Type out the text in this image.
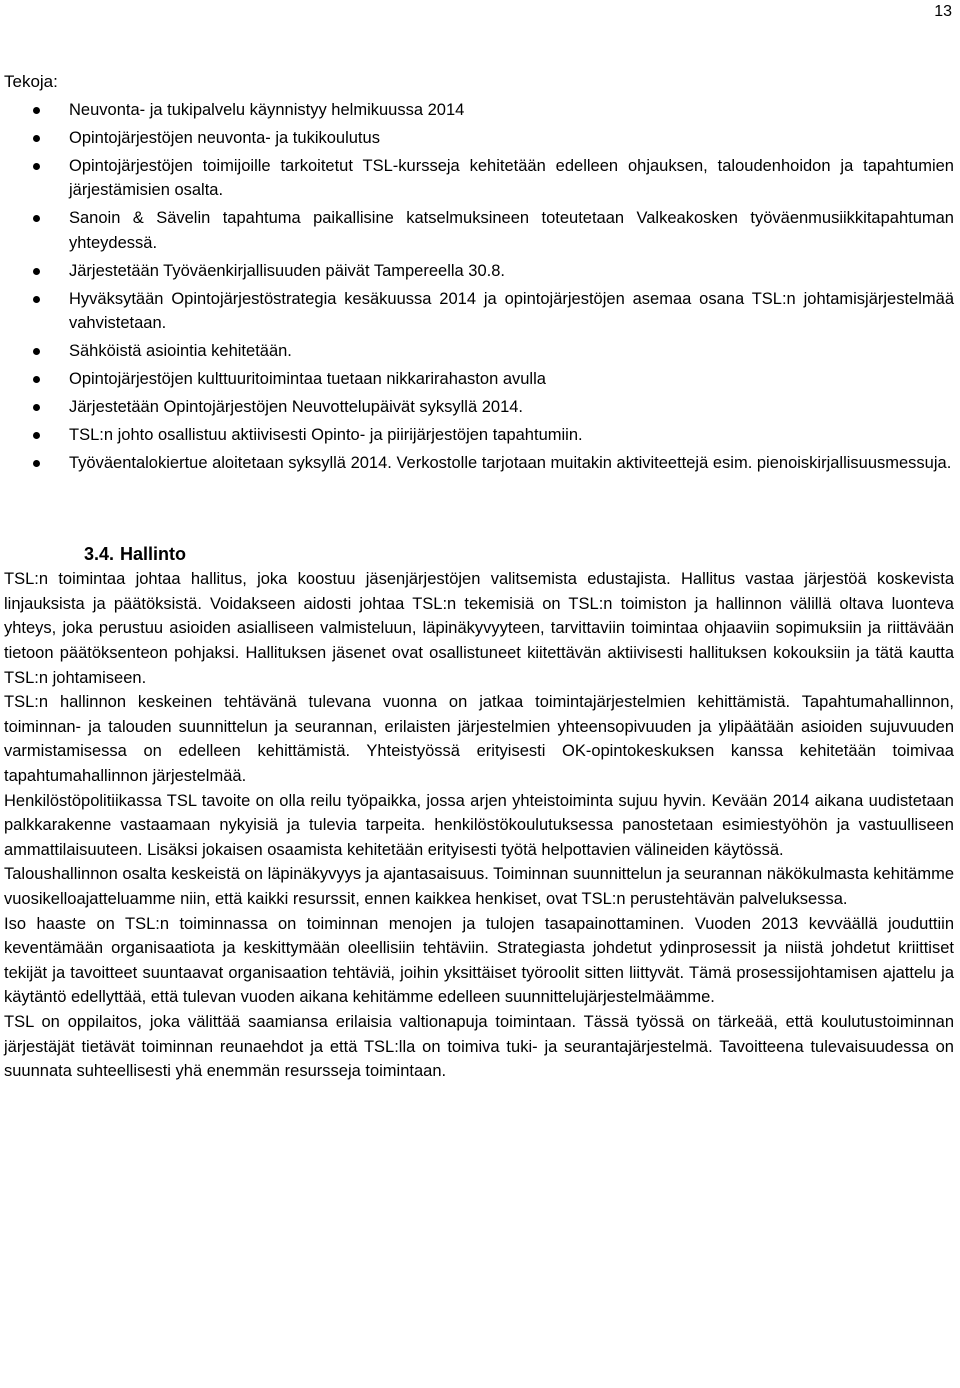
13
Tekoja:
Neuvonta- ja tukipalvelu käynnistyy helmikuussa 2014
Opintojärjestöjen neuvonta- ja tukikoulutus
Opintojärjestöjen toimijoille tarkoitetut TSL-kursseja kehitetään edelleen ohjauksen, taloudenhoidon ja tapahtumien järjestämisien osalta.
Sanoin & Sävelin tapahtuma paikallisine katselmuksineen toteutetaan Valkeakosken työväenmusiikkitapahtuman yhteydessä.
Järjestetään Työväenkirjallisuuden päivät Tampereella 30.8.
Hyväksytään Opintojärjestöstrategia kesäkuussa 2014 ja opintojärjestöjen asemaa osana TSL:n johtamisjärjestelmää vahvistetaan.
Sähköistä asiointia kehitetään.
Opintojärjestöjen kulttuuritoimintaa tuetaan nikkarirahaston avulla
Järjestetään Opintojärjestöjen Neuvottelupäivät syksyllä 2014.
TSL:n johto osallistuu aktiivisesti Opinto- ja piirijärjestöjen tapahtumiin.
Työväentalokiertue aloitetaan syksyllä 2014. Verkostolle tarjotaan muitakin aktiviteettejä esim. pienoiskirjallisuusmessuja.
3.4. Hallinto

TSL:n toimintaa johtaa hallitus, joka koostuu jäsenjärjestöjen valitsemista edustajista. Hallitus vastaa järjestöä koskevista linjauksista ja päätöksistä. Voidakseen aidosti johtaa TSL:n tekemisiä on TSL:n toimiston ja hallinnon välillä oltava luonteva yhteys, joka perustuu asioiden asialliseen valmisteluun, läpinäkyvyyteen, tarvittaviin toimintaa ohjaaviin sopimuksiin ja riittävään tietoon päätöksenteon pohjaksi. Hallituksen jäsenet ovat osallistuneet kiitettävän aktiivisesti hallituksen kokouksiin ja tätä kautta TSL:n johtamiseen.

TSL:n hallinnon keskeinen tehtävänä tulevana vuonna on jatkaa toimintajärjestelmien kehittämistä. Tapahtumahallinnon, toiminnan- ja talouden suunnittelun ja seurannan, erilaisten järjestelmien yhteensopivuuden ja ylipäätään asioiden sujuvuuden varmistamisessa on edelleen kehittämistä. Yhteistyössä erityisesti OK-opintokeskuksen kanssa kehitetään toimivaa tapahtumahallinnon järjestelmää.

Henkilöstöpolitiikassa TSL tavoite on olla reilu työpaikka, jossa arjen yhteistoiminta sujuu hyvin. Kevään 2014 aikana uudistetaan palkkarakenne vastaamaan nykyisiä ja tulevia tarpeita. henkilöstökoulutuksessa panostetaan esimiestyöhön ja vastuulliseen ammattilaisuuteen. Lisäksi jokaisen osaamista kehitetään erityisesti työtä helpottavien välineiden käytössä.

Taloushallinnon osalta keskeistä on läpinäkyvyys ja ajantasaisuus. Toiminnan suunnittelun ja seurannan näkökulmasta kehitämme vuosikelloajatteluamme niin, että kaikki resurssit, ennen kaikkea henkiset, ovat TSL:n perustehtävän palveluksessa.

Iso haaste on TSL:n toiminnassa on toiminnan menojen ja tulojen tasapainottaminen. Vuoden 2013 kevväällä jouduttiin keventämään organisaatiota ja keskittymään oleellisiin tehtäviin. Strategiasta johdetut ydinprosessit ja niistä johdetut kriittiset tekijät ja tavoitteet suuntaavat organisaation tehtäviä, joihin yksittäiset työroolit sitten liittyvät. Tämä prosessijohtamisen ajattelu ja käytäntö edellyttää, että tulevan vuoden aikana kehitämme edelleen suunnittelujärjestelmäämme.

TSL on oppilaitos, joka välittää saamiansa erilaisia valtionapuja toimintaan. Tässä työssä on tärkeää, että koulutustoiminnan järjestäjät tietävät toiminnan reunaehdot ja että TSL:lla on toimiva tuki- ja seurantajärjestelmä. Tavoitteena tulevaisuudessa on suunnata suhteellisesti yhä enemmän resursseja toimintaan.
